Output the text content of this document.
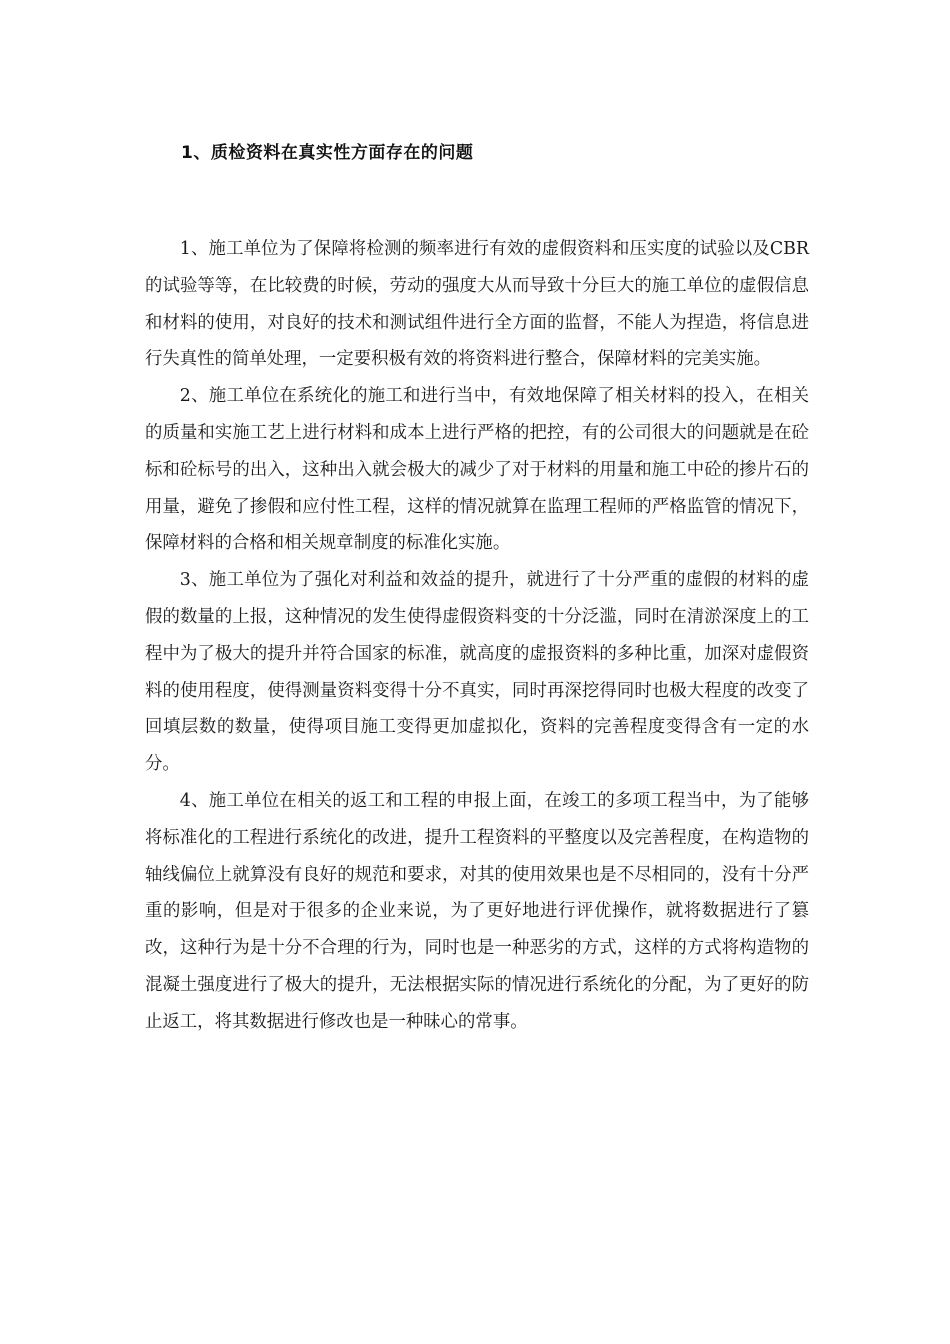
1、质检资料在真实性方面存在的问题

1、施工单位为了保障将检测的频率进行有效的虚假资料和压实度的试验以及CBR的试验等等，在比较费的时候，劳动的强度大从而导致十分巨大的施工单位的虚假信息和材料的使用，对良好的技术和测试组件进行全方面的监督，不能人为捏造，将信息进行失真性的简单处理，一定要积极有效的将资料进行整合，保障材料的完美实施。

2、施工单位在系统化的施工和进行当中，有效地保障了相关材料的投入，在相关的质量和实施工艺上进行材料和成本上进行严格的把控，有的公司很大的问题就是在砼标和砼标号的出入，这种出入就会极大的减少了对于材料的用量和施工中砼的掺片石的用量，避免了掺假和应付性工程，这样的情况就算在监理工程师的严格监管的情况下，保障材料的合格和相关规章制度的标准化实施。

3、施工单位为了强化对利益和效益的提升，就进行了十分严重的虚假的材料的虚假的数量的上报，这种情况的发生使得虚假资料变的十分泛滥，同时在清淤深度上的工程中为了极大的提升并符合国家的标准，就高度的虚报资料的多种比重，加深对虚假资料的使用程度，使得测量资料变得十分不真实，同时再深挖得同时也极大程度的改变了回填层数的数量，使得项目施工变得更加虚拟化，资料的完善程度变得含有一定的水分。

4、施工单位在相关的返工和工程的申报上面，在竣工的多项工程当中，为了能够将标准化的工程进行系统化的改进，提升工程资料的平整度以及完善程度，在构造物的轴线偏位上就算没有良好的规范和要求，对其的使用效果也是不尽相同的，没有十分严重的影响，但是对于很多的企业来说，为了更好地进行评优操作，就将数据进行了篡改，这种行为是十分不合理的行为，同时也是一种恶劣的方式，这样的方式将构造物的混凝土强度进行了极大的提升，无法根据实际的情况进行系统化的分配，为了更好的防止返工，将其数据进行修改也是一种昧心的常事。
